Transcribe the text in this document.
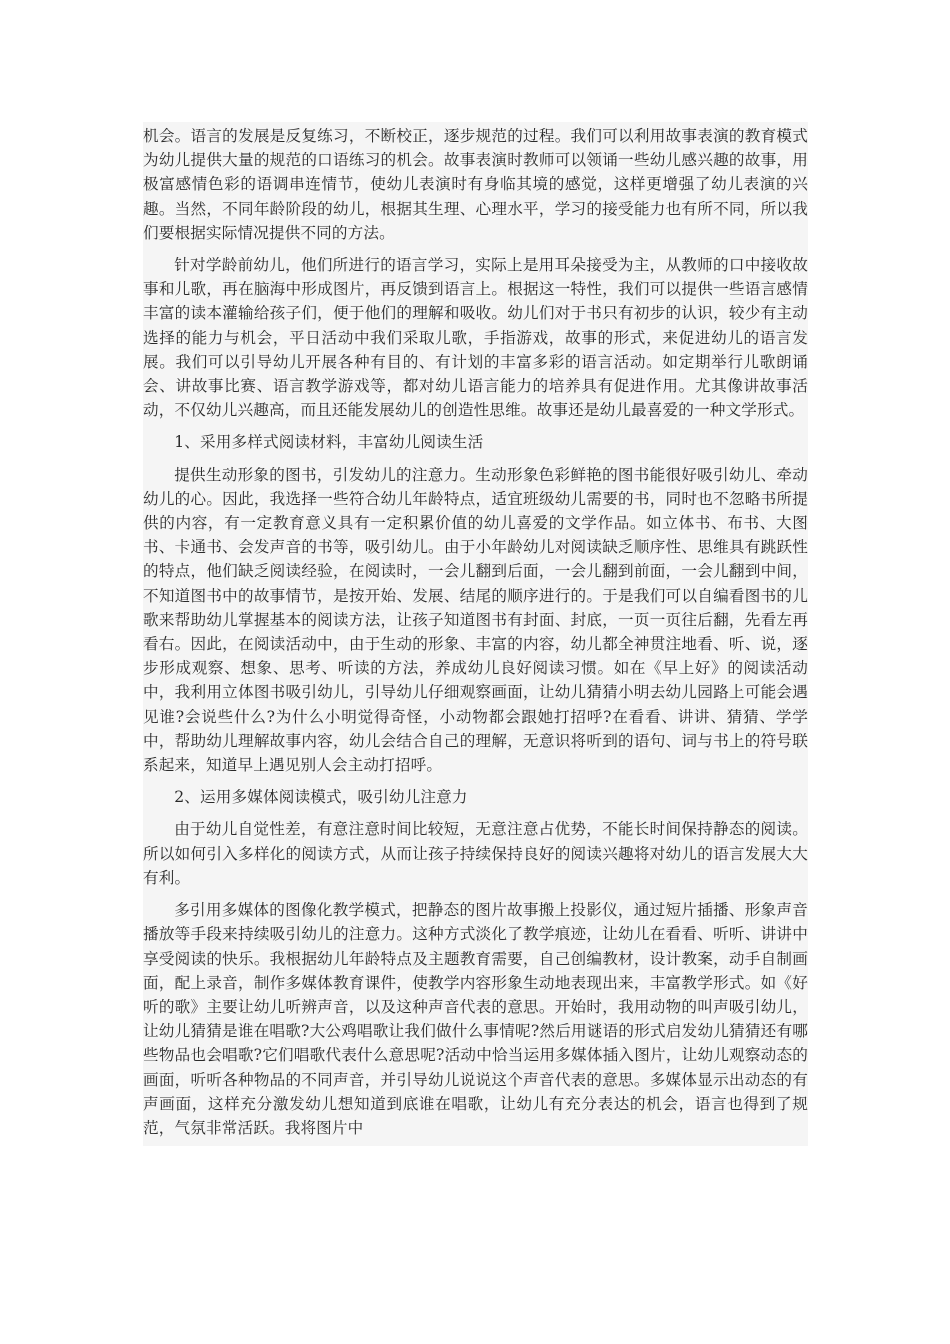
机会。语言的发展是反复练习，不断校正，逐步规范的过程。我们可以利用故事表演的教育模式为幼儿提供大量的规范的口语练习的机会。故事表演时教师可以领诵一些幼儿感兴趣的故事，用极富感情色彩的语调串连情节，使幼儿表演时有身临其境的感觉，这样更增强了幼儿表演的兴趣。当然，不同年龄阶段的幼儿，根据其生理、心理水平，学习的接受能力也有所不同，所以我们要根据实际情况提供不同的方法。

针对学龄前幼儿，他们所进行的语言学习，实际上是用耳朵接受为主，从教师的口中接收故事和儿歌，再在脑海中形成图片，再反馈到语言上。根据这一特性，我们可以提供一些语言感情丰富的读本灌输给孩子们，便于他们的理解和吸收。幼儿们对于书只有初步的认识，较少有主动选择的能力与机会，平日活动中我们采取儿歌，手指游戏，故事的形式，来促进幼儿的语言发展。我们可以引导幼儿开展各种有目的、有计划的丰富多彩的语言活动。如定期举行儿歌朗诵会、讲故事比赛、语言教学游戏等，都对幼儿语言能力的培养具有促进作用。尤其像讲故事活动，不仅幼儿兴趣高，而且还能发展幼儿的创造性思维。故事还是幼儿最喜爱的一种文学形式。

1、采用多样式阅读材料，丰富幼儿阅读生活

提供生动形象的图书，引发幼儿的注意力。生动形象色彩鲜艳的图书能很好吸引幼儿、牵动幼儿的心。因此，我选择一些符合幼儿年龄特点，适宜班级幼儿需要的书，同时也不忽略书所提供的内容，有一定教育意义具有一定积累价值的幼儿喜爱的文学作品。如立体书、布书、大图书、卡通书、会发声音的书等，吸引幼儿。由于小年龄幼儿对阅读缺乏顺序性、思维具有跳跃性的特点，他们缺乏阅读经验，在阅读时，一会儿翻到后面，一会儿翻到前面，一会儿翻到中间，不知道图书中的故事情节，是按开始、发展、结尾的顺序进行的。于是我们可以自编看图书的儿歌来帮助幼儿掌握基本的阅读方法，让孩子知道图书有封面、封底，一页一页往后翻，先看左再看右。因此，在阅读活动中，由于生动的形象、丰富的内容，幼儿都全神贯注地看、听、说，逐步形成观察、想象、思考、听读的方法，养成幼儿良好阅读习惯。如在《早上好》的阅读活动中，我利用立体图书吸引幼儿，引导幼儿仔细观察画面，让幼儿猜猜小明去幼儿园路上可能会遇见谁?会说些什么?为什么小明觉得奇怪，小动物都会跟她打招呼?在看看、讲讲、猜猜、学学中，帮助幼儿理解故事内容，幼儿会结合自己的理解，无意识将听到的语句、词与书上的符号联系起来，知道早上遇见别人会主动打招呼。

2、运用多媒体阅读模式，吸引幼儿注意力

由于幼儿自觉性差，有意注意时间比较短，无意注意占优势，不能长时间保持静态的阅读。所以如何引入多样化的阅读方式，从而让孩子持续保持良好的阅读兴趣将对幼儿的语言发展大大有利。

多引用多媒体的图像化教学模式，把静态的图片故事搬上投影仪，通过短片插播、形象声音播放等手段来持续吸引幼儿的注意力。这种方式淡化了教学痕迹，让幼儿在看看、听听、讲讲中享受阅读的快乐。我根据幼儿年龄特点及主题教育需要，自己创编教材，设计教案，动手自制画面，配上录音，制作多媒体教育课件，使教学内容形象生动地表现出来，丰富教学形式。如《好听的歌》主要让幼儿听辨声音，以及这种声音代表的意思。开始时，我用动物的叫声吸引幼儿，让幼儿猜猜是谁在唱歌?大公鸡唱歌让我们做什么事情呢?然后用谜语的形式启发幼儿猜猜还有哪些物品也会唱歌?它们唱歌代表什么意思呢?活动中恰当运用多媒体插入图片，让幼儿观察动态的画面，听听各种物品的不同声音，并引导幼儿说说这个声音代表的意思。多媒体显示出动态的有声画面，这样充分激发幼儿想知道到底谁在唱歌，让幼儿有充分表达的机会，语言也得到了规范，气氛非常活跃。我将图片中
